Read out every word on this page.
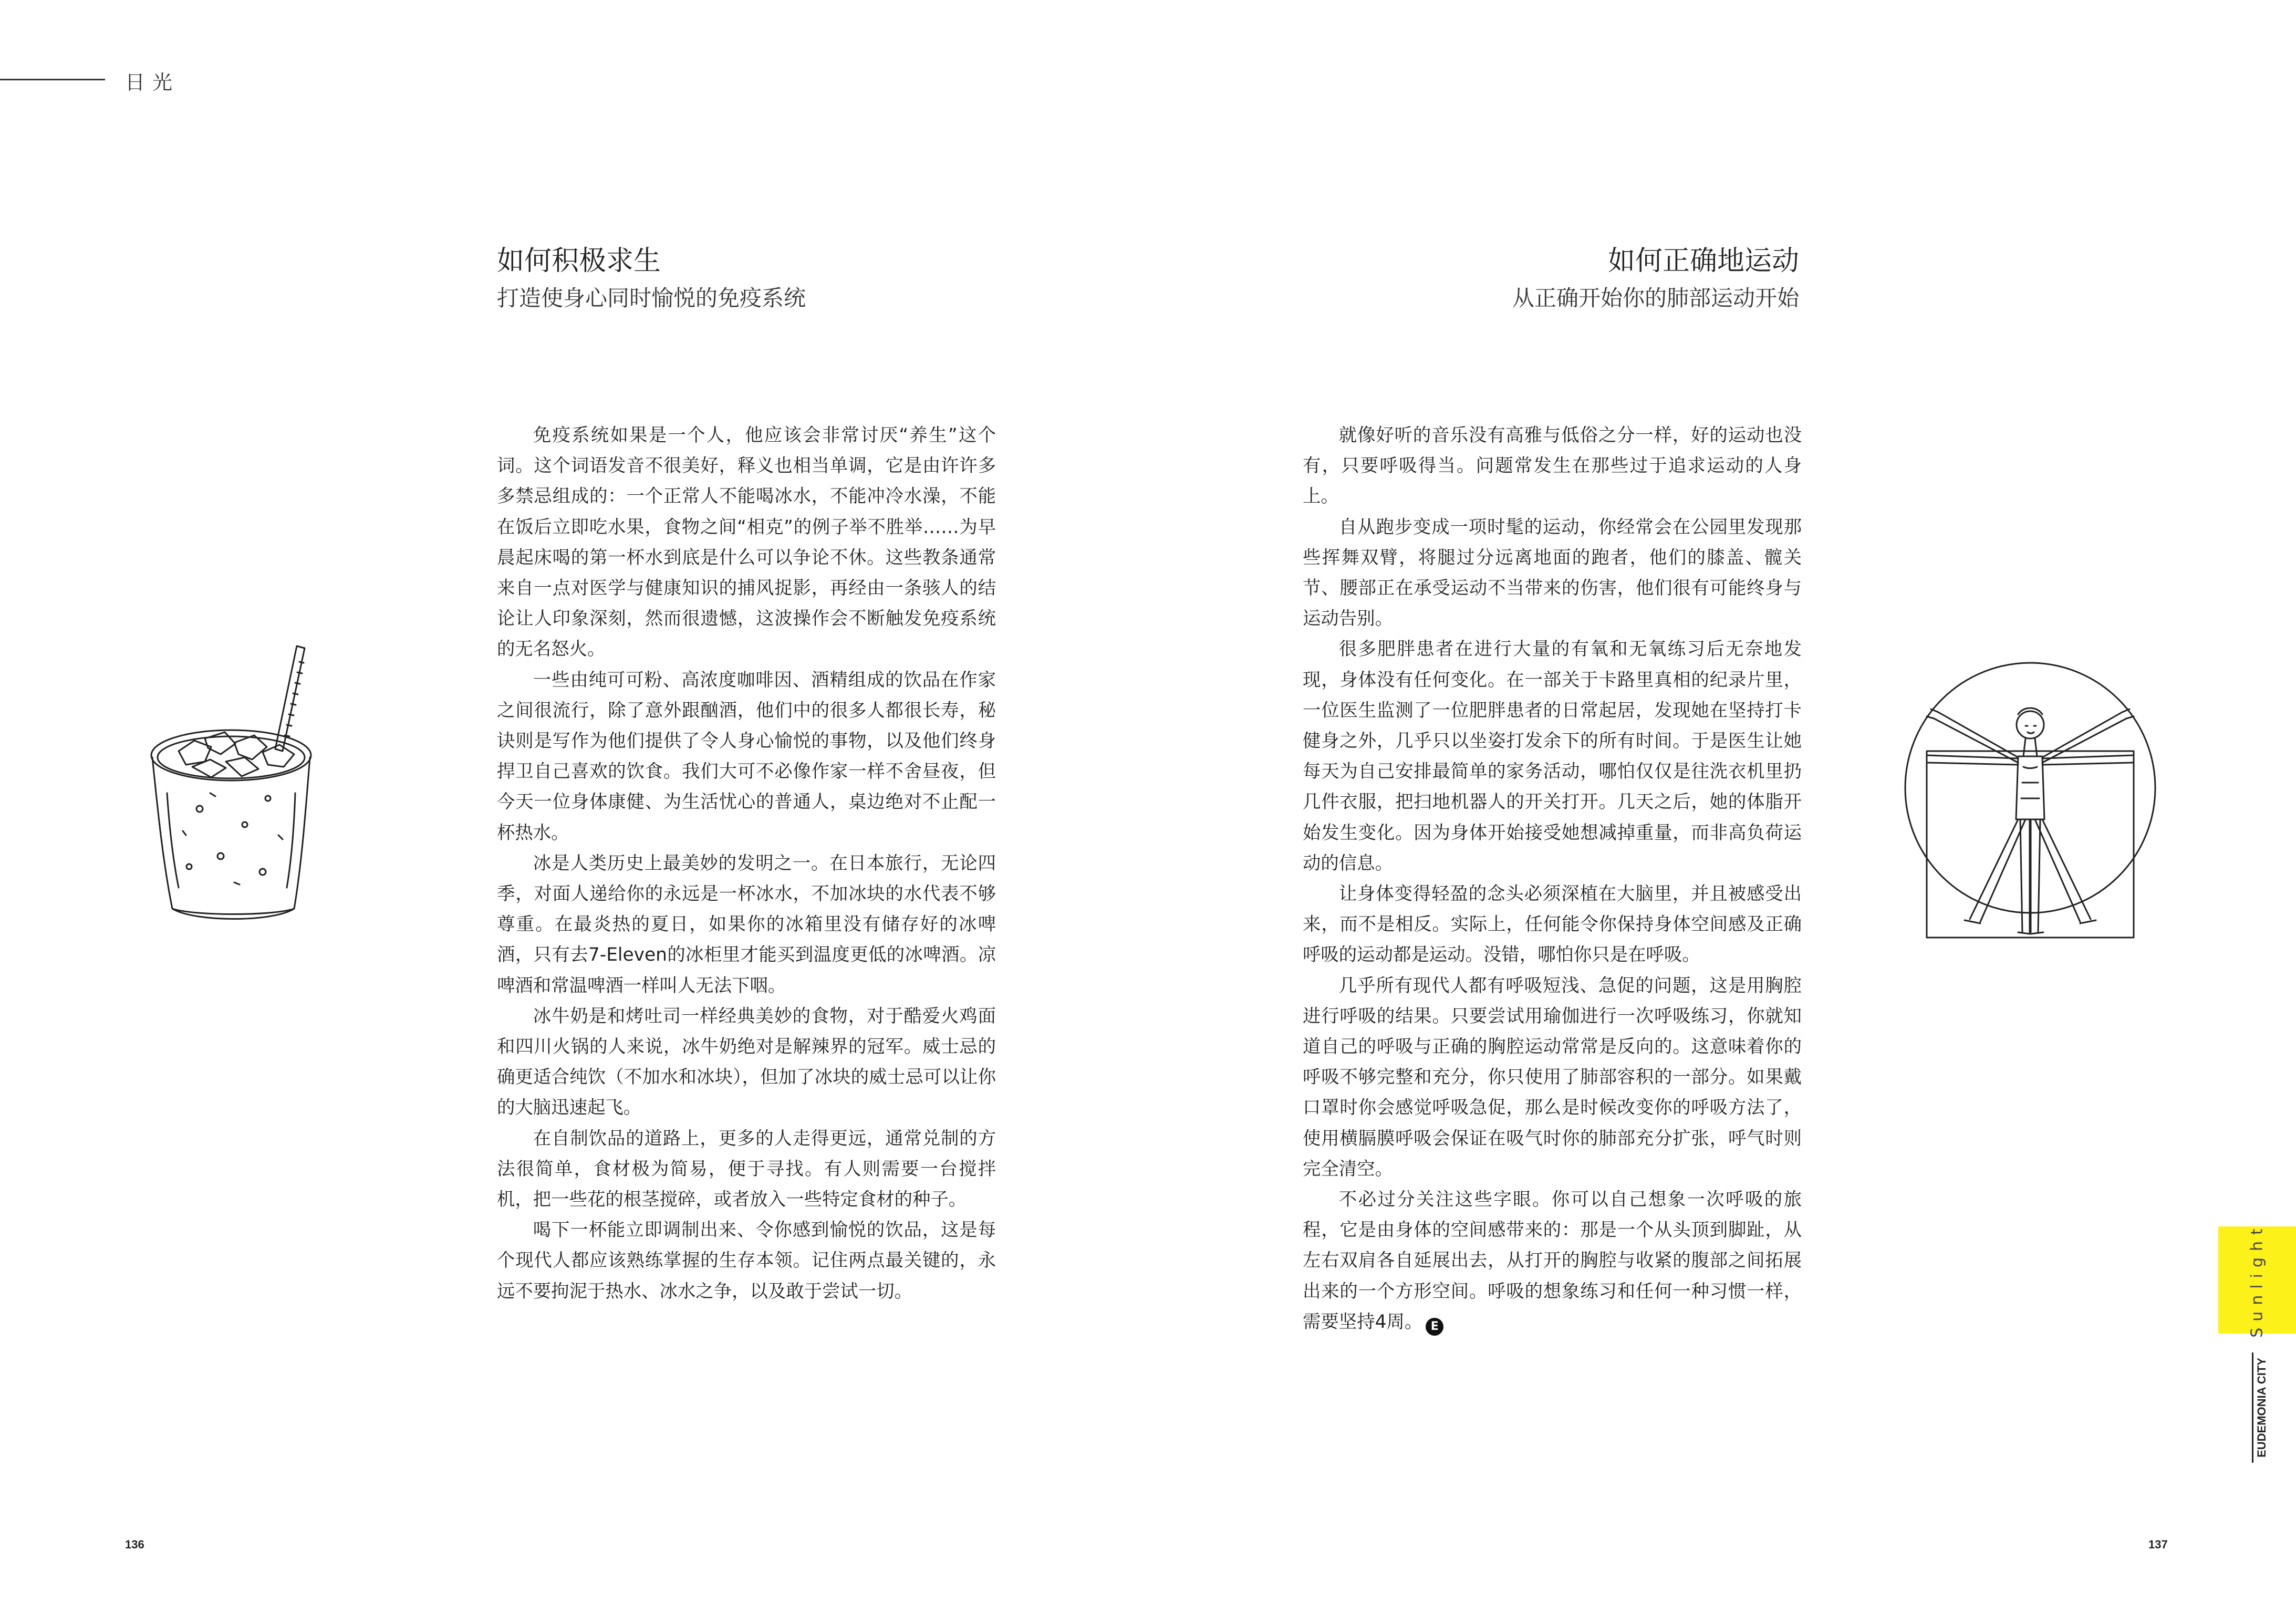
日光
如何积极求生
打造使身心同时愉悦的免疫系统

免疫系统如果是一个人，他应该会非常讨厌“养生”这个词。这个词语发音不很美好，释义也相当单调，它是由许许多多禁忌组成的：一个正常人不能喝冰水，不能冲冷水澡，不能在饭后立即吃水果，食物之间“相克”的例子举不胜举……为早晨起床喝的第一杯水到底是什么可以争论不休。这些教条通常来自一点对医学与健康知识的捕风捉影，再经由一条骇人的结论让人印象深刻，然而很遗憾，这波操作会不断触发免疫系统的无名怒火。

一些由纯可可粉、高浓度咖啡因、酒精组成的饮品在作家之间很流行，除了意外跟酗酒，他们中的很多人都很长寿，秘诀则是写作为他们提供了令人身心愉悦的事物，以及他们终身捍卫自己喜欢的饮食。我们大可不必像作家一样不舍昼夜，但今天一位身体康健、为生活忧心的普通人，桌边绝对不止配一杯热水。

冰是人类历史上最美妙的发明之一。在日本旅行，无论四季，对面人递给你的永远是一杯冰水，不加冰块的水代表不够尊重。在最炎热的夏日，如果你的冰箱里没有储存好的冰啤酒，只有去7-Eleven的冰柜里才能买到温度更低的冰啤酒。凉啤酒和常温啤酒一样叫人无法下咽。

冰牛奶是和烤吐司一样经典美妙的食物，对于酷爱火鸡面和四川火锅的人来说，冰牛奶绝对是解辣界的冠军。威士忌的确更适合纯饮（不加水和冰块），但加了冰块的威士忌可以让你的大脑迅速起飞。

在自制饮品的道路上，更多的人走得更远，通常兑制的方法很简单，食材极为简易，便于寻找。有人则需要一台搅拌机，把一些花的根茎搅碎，或者放入一些特定食材的种子。

喝下一杯能立即调制出来、令你感到愉悦的饮品，这是每个现代人都应该熟练掌握的生存本领。记住两点最关键的，永远不要拘泥于热水、冰水之争，以及敢于尝试一切。

如何正确地运动
从正确开始你的肺部运动开始

就像好听的音乐没有高雅与低俗之分一样，好的运动也没有，只要呼吸得当。问题常发生在那些过于追求运动的人身上。

自从跑步变成一项时髦的运动，你经常会在公园里发现那些挥舞双臂，将腿过分远离地面的跑者，他们的膝盖、髋关节、腰部正在承受运动不当带来的伤害，他们很有可能终身与运动告别。

很多肥胖患者在进行大量的有氧和无氧练习后无奈地发现，身体没有任何变化。在一部关于卡路里真相的纪录片里，一位医生监测了一位肥胖患者的日常起居，发现她在坚持打卡健身之外，几乎只以坐姿打发余下的所有时间。于是医生让她每天为自己安排最简单的家务活动，哪怕仅仅是往洗衣机里扔几件衣服，把扫地机器人的开关打开。几天之后，她的体脂开始发生变化。因为身体开始接受她想减掉重量，而非高负荷运动的信息。

让身体变得轻盈的念头必须深植在大脑里，并且被感受出来，而不是相反。实际上，任何能令你保持身体空间感及正确呼吸的运动都是运动。没错，哪怕你只是在呼吸。

几乎所有现代人都有呼吸短浅、急促的问题，这是用胸腔进行呼吸的结果。只要尝试用瑜伽进行一次呼吸练习，你就知道自己的呼吸与正确的胸腔运动常常是反向的。这意味着你的呼吸不够完整和充分，你只使用了肺部容积的一部分。如果戴口罩时你会感觉呼吸急促，那么是时候改变你的呼吸方法了，使用横膈膜呼吸会保证在吸气时你的肺部充分扩张，呼气时则完全清空。

不必过分关注这些字眼。你可以自己想象一次呼吸的旅程，它是由身体的空间感带来的：那是一个从头顶到脚趾，从左右双肩各自延展出去，从打开的胸腔与收紧的腹部之间拓展出来的一个方形空间。呼吸的想象练习和任何一种习惯一样，需要坚持4周。 E	Sunlight
EUDEMONIA CITY
136	137
